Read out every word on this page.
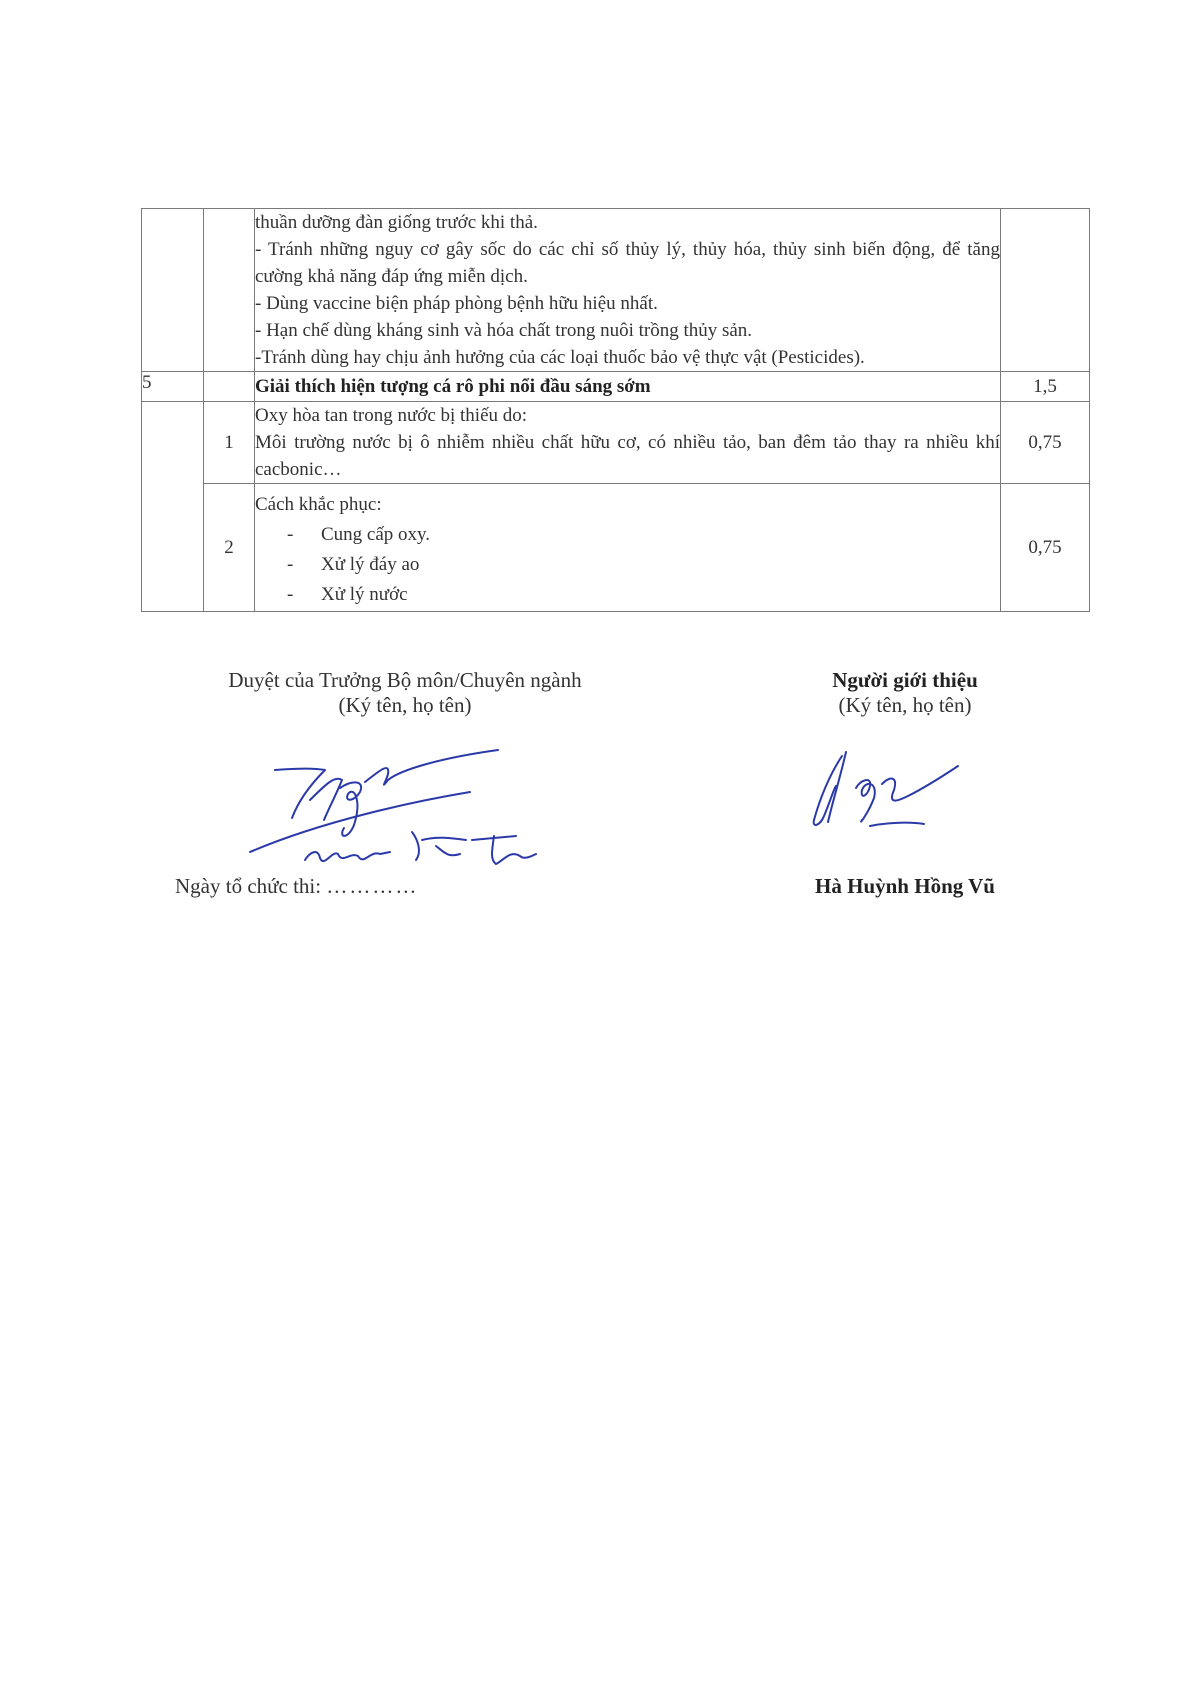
		thuần dưỡng đàn giống trước khi thả.
- Tránh những nguy cơ gây sốc do các chỉ số thủy lý, thủy hóa, thủy sinh biến động, để tăng cường khả năng đáp ứng miễn dịch.
- Dùng vaccine biện pháp phòng bệnh hữu hiệu nhất.
- Hạn chế dùng kháng sinh và hóa chất trong nuôi trồng thủy sản.
-Tránh dùng hay chịu ảnh hưởng của các loại thuốc bảo vệ thực vật (Pesticides).	

5		Giải thích hiện tượng cá rô phi nổi đầu sáng sớm	1,5
	1	Oxy hòa tan trong nước bị thiếu do:
Môi trường nước bị ô nhiễm nhiều chất hữu cơ, có nhiều tảo, ban đêm tảo thay ra nhiều khí cacbonic…	0,75
	2	Cách khắc phục:
- Cung cấp oxy.
- Xử lý đáy ao
- Xử lý nước	0,75
Duyệt của Trưởng Bộ môn/Chuyên ngành
(Ký tên, họ tên)
Người giới thiệu
(Ký tên, họ tên)
Ngày tổ chức thi: …………	Hà Huỳnh Hồng Vũ
